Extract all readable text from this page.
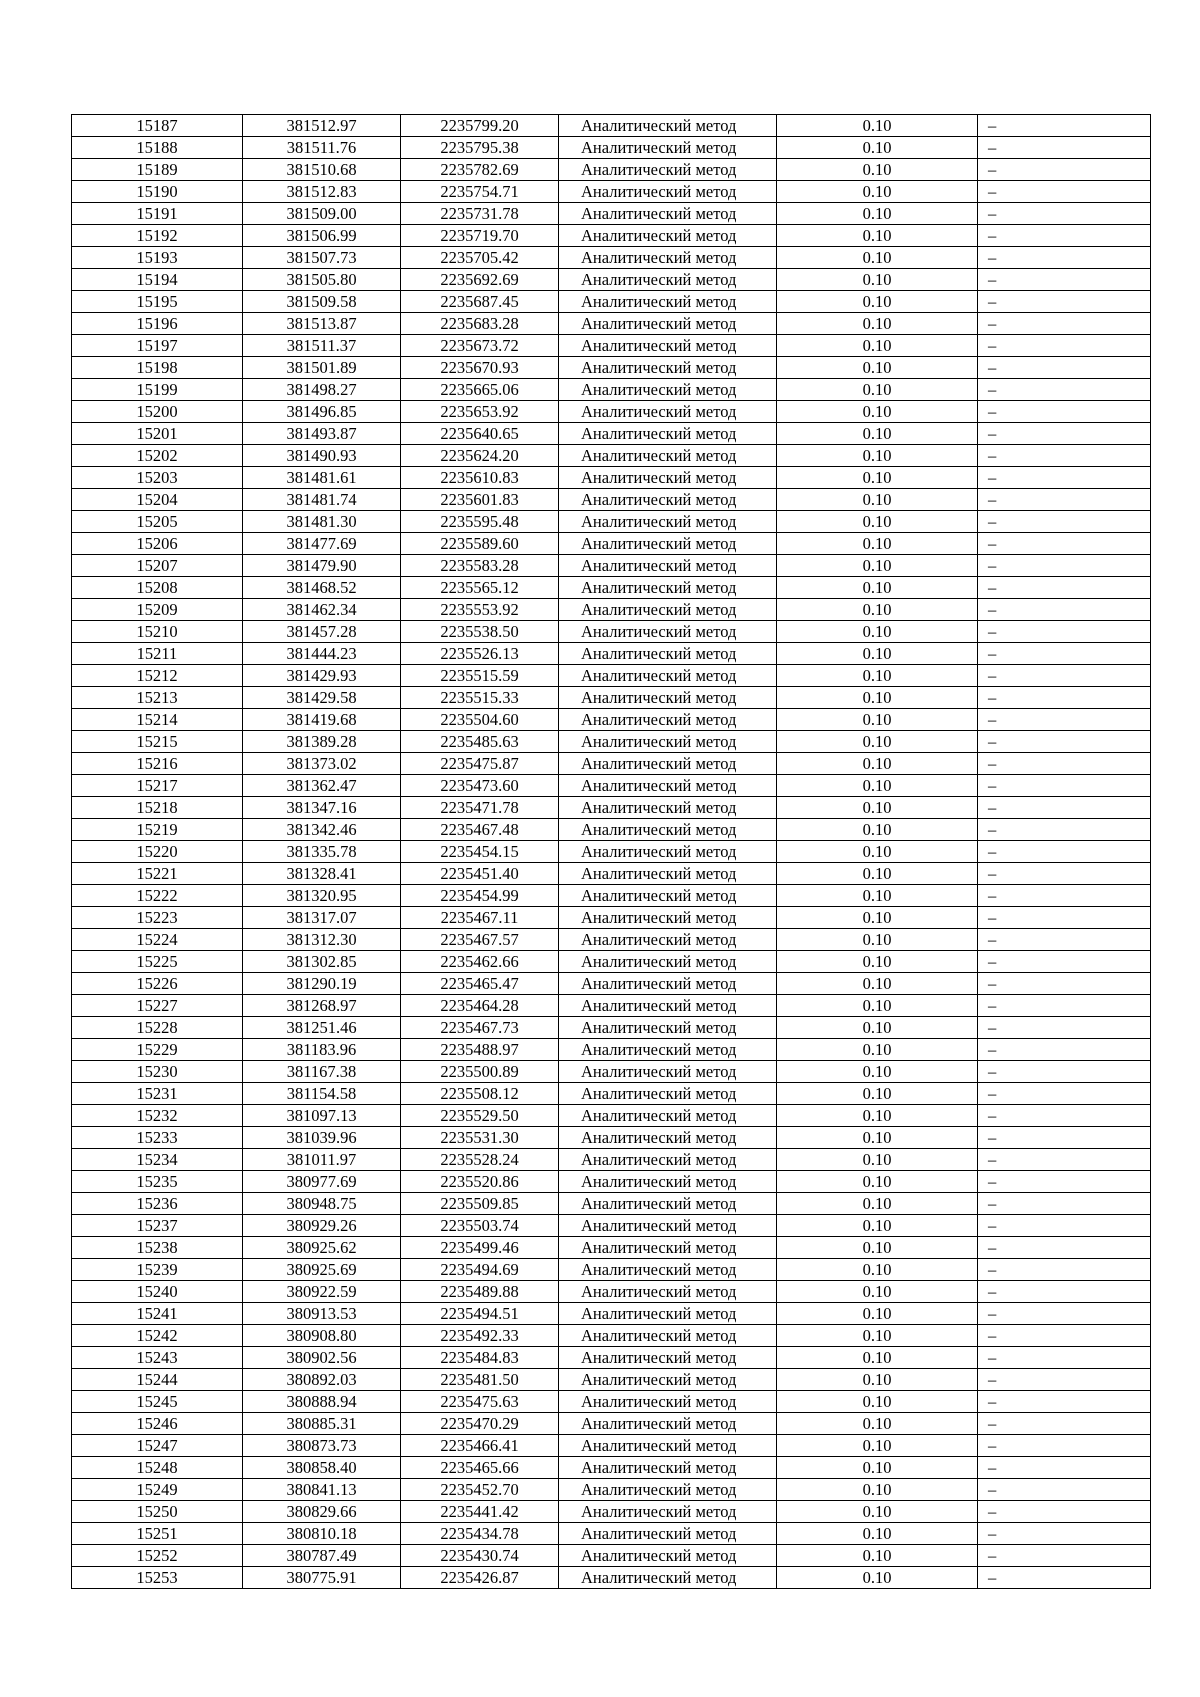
15187	381512.97	2235799.20	Аналитический метод	0.10	–
15188	381511.76	2235795.38	Аналитический метод	0.10	–
15189	381510.68	2235782.69	Аналитический метод	0.10	–
15190	381512.83	2235754.71	Аналитический метод	0.10	–
15191	381509.00	2235731.78	Аналитический метод	0.10	–
15192	381506.99	2235719.70	Аналитический метод	0.10	–
15193	381507.73	2235705.42	Аналитический метод	0.10	–
15194	381505.80	2235692.69	Аналитический метод	0.10	–
15195	381509.58	2235687.45	Аналитический метод	0.10	–
15196	381513.87	2235683.28	Аналитический метод	0.10	–
15197	381511.37	2235673.72	Аналитический метод	0.10	–
15198	381501.89	2235670.93	Аналитический метод	0.10	–
15199	381498.27	2235665.06	Аналитический метод	0.10	–
15200	381496.85	2235653.92	Аналитический метод	0.10	–
15201	381493.87	2235640.65	Аналитический метод	0.10	–
15202	381490.93	2235624.20	Аналитический метод	0.10	–
15203	381481.61	2235610.83	Аналитический метод	0.10	–
15204	381481.74	2235601.83	Аналитический метод	0.10	–
15205	381481.30	2235595.48	Аналитический метод	0.10	–
15206	381477.69	2235589.60	Аналитический метод	0.10	–
15207	381479.90	2235583.28	Аналитический метод	0.10	–
15208	381468.52	2235565.12	Аналитический метод	0.10	–
15209	381462.34	2235553.92	Аналитический метод	0.10	–
15210	381457.28	2235538.50	Аналитический метод	0.10	–
15211	381444.23	2235526.13	Аналитический метод	0.10	–
15212	381429.93	2235515.59	Аналитический метод	0.10	–
15213	381429.58	2235515.33	Аналитический метод	0.10	–
15214	381419.68	2235504.60	Аналитический метод	0.10	–
15215	381389.28	2235485.63	Аналитический метод	0.10	–
15216	381373.02	2235475.87	Аналитический метод	0.10	–
15217	381362.47	2235473.60	Аналитический метод	0.10	–
15218	381347.16	2235471.78	Аналитический метод	0.10	–
15219	381342.46	2235467.48	Аналитический метод	0.10	–
15220	381335.78	2235454.15	Аналитический метод	0.10	–
15221	381328.41	2235451.40	Аналитический метод	0.10	–
15222	381320.95	2235454.99	Аналитический метод	0.10	–
15223	381317.07	2235467.11	Аналитический метод	0.10	–
15224	381312.30	2235467.57	Аналитический метод	0.10	–
15225	381302.85	2235462.66	Аналитический метод	0.10	–
15226	381290.19	2235465.47	Аналитический метод	0.10	–
15227	381268.97	2235464.28	Аналитический метод	0.10	–
15228	381251.46	2235467.73	Аналитический метод	0.10	–
15229	381183.96	2235488.97	Аналитический метод	0.10	–
15230	381167.38	2235500.89	Аналитический метод	0.10	–
15231	381154.58	2235508.12	Аналитический метод	0.10	–
15232	381097.13	2235529.50	Аналитический метод	0.10	–
15233	381039.96	2235531.30	Аналитический метод	0.10	–
15234	381011.97	2235528.24	Аналитический метод	0.10	–
15235	380977.69	2235520.86	Аналитический метод	0.10	–
15236	380948.75	2235509.85	Аналитический метод	0.10	–
15237	380929.26	2235503.74	Аналитический метод	0.10	–
15238	380925.62	2235499.46	Аналитический метод	0.10	–
15239	380925.69	2235494.69	Аналитический метод	0.10	–
15240	380922.59	2235489.88	Аналитический метод	0.10	–
15241	380913.53	2235494.51	Аналитический метод	0.10	–
15242	380908.80	2235492.33	Аналитический метод	0.10	–
15243	380902.56	2235484.83	Аналитический метод	0.10	–
15244	380892.03	2235481.50	Аналитический метод	0.10	–
15245	380888.94	2235475.63	Аналитический метод	0.10	–
15246	380885.31	2235470.29	Аналитический метод	0.10	–
15247	380873.73	2235466.41	Аналитический метод	0.10	–
15248	380858.40	2235465.66	Аналитический метод	0.10	–
15249	380841.13	2235452.70	Аналитический метод	0.10	–
15250	380829.66	2235441.42	Аналитический метод	0.10	–
15251	380810.18	2235434.78	Аналитический метод	0.10	–
15252	380787.49	2235430.74	Аналитический метод	0.10	–
15253	380775.91	2235426.87	Аналитический метод	0.10	–
